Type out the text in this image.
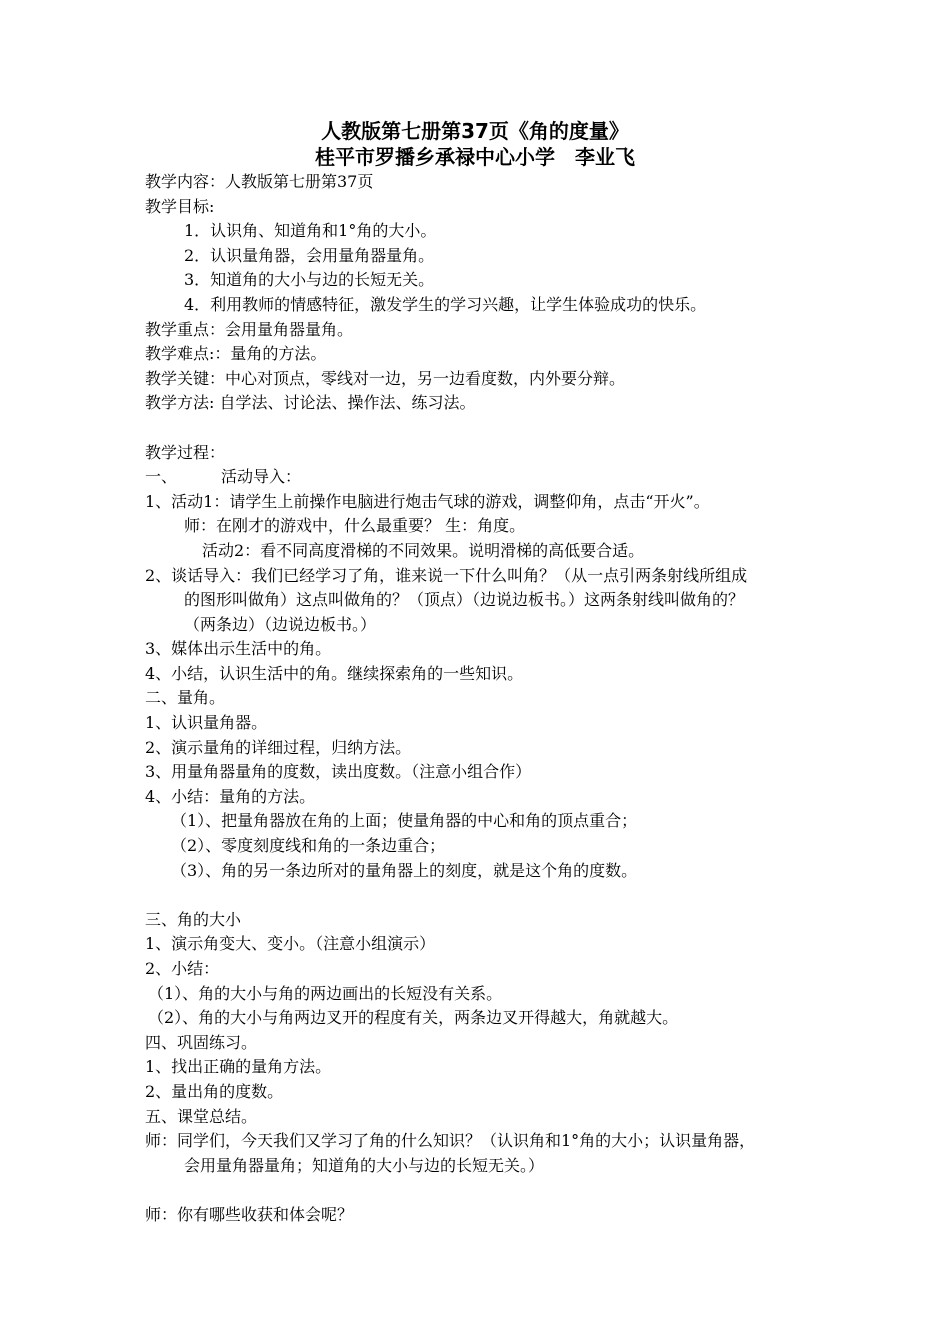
人教版第七册第37页《角的度量》
桂平市罗播乡承禄中心小学　李业飞
教学内容：人教版第七册第37页
教学目标:
1．认识角、知道角和1°角的大小。
2．认识量角器，会用量角器量角。
3．知道角的大小与边的长短无关。
4．利用教师的情感特征，激发学生的学习兴趣，让学生体验成功的快乐。
教学重点：会用量角器量角。
教学难点:：量角的方法。
教学关键：中心对顶点，零线对一边，另一边看度数，内外要分辩。
教学方法: 自学法、讨论法、操作法、练习法。
教学过程：
一、	活动导入：
1、活动1：请学生上前操作电脑进行炮击气球的游戏，调整仰角，点击“开火”。
师：在刚才的游戏中，什么最重要？ 生：角度。
活动2：看不同高度滑梯的不同效果。说明滑梯的高低要合适。
2、谈话导入：我们已经学习了角，谁来说一下什么叫角？（从一点引两条射线所组成
的图形叫做角）这点叫做角的？（顶点）（边说边板书。）这两条射线叫做角的？
（两条边）（边说边板书。）
3、媒体出示生活中的角。
4、小结，认识生活中的角。继续探索角的一些知识。
二、量角。
1、认识量角器。
2、演示量角的详细过程，归纳方法。
3、用量角器量角的度数，读出度数。（注意小组合作）
4、小结：量角的方法。
（1）、把量角器放在角的上面；使量角器的中心和角的顶点重合；
（2）、零度刻度线和角的一条边重合；
（3）、角的另一条边所对的量角器上的刻度，就是这个角的度数。
三、角的大小
1、演示角变大、变小。（注意小组演示）
2、小结：
（1）、角的大小与角的两边画出的长短没有关系。
（2）、角的大小与角两边叉开的程度有关，两条边叉开得越大，角就越大。
四、巩固练习。
1、找出正确的量角方法。
2、量出角的度数。
五、课堂总结。
师：同学们，今天我们又学习了角的什么知识？（认识角和1°角的大小；认识量角器，
会用量角器量角；知道角的大小与边的长短无关。）
师：你有哪些收获和体会呢？
